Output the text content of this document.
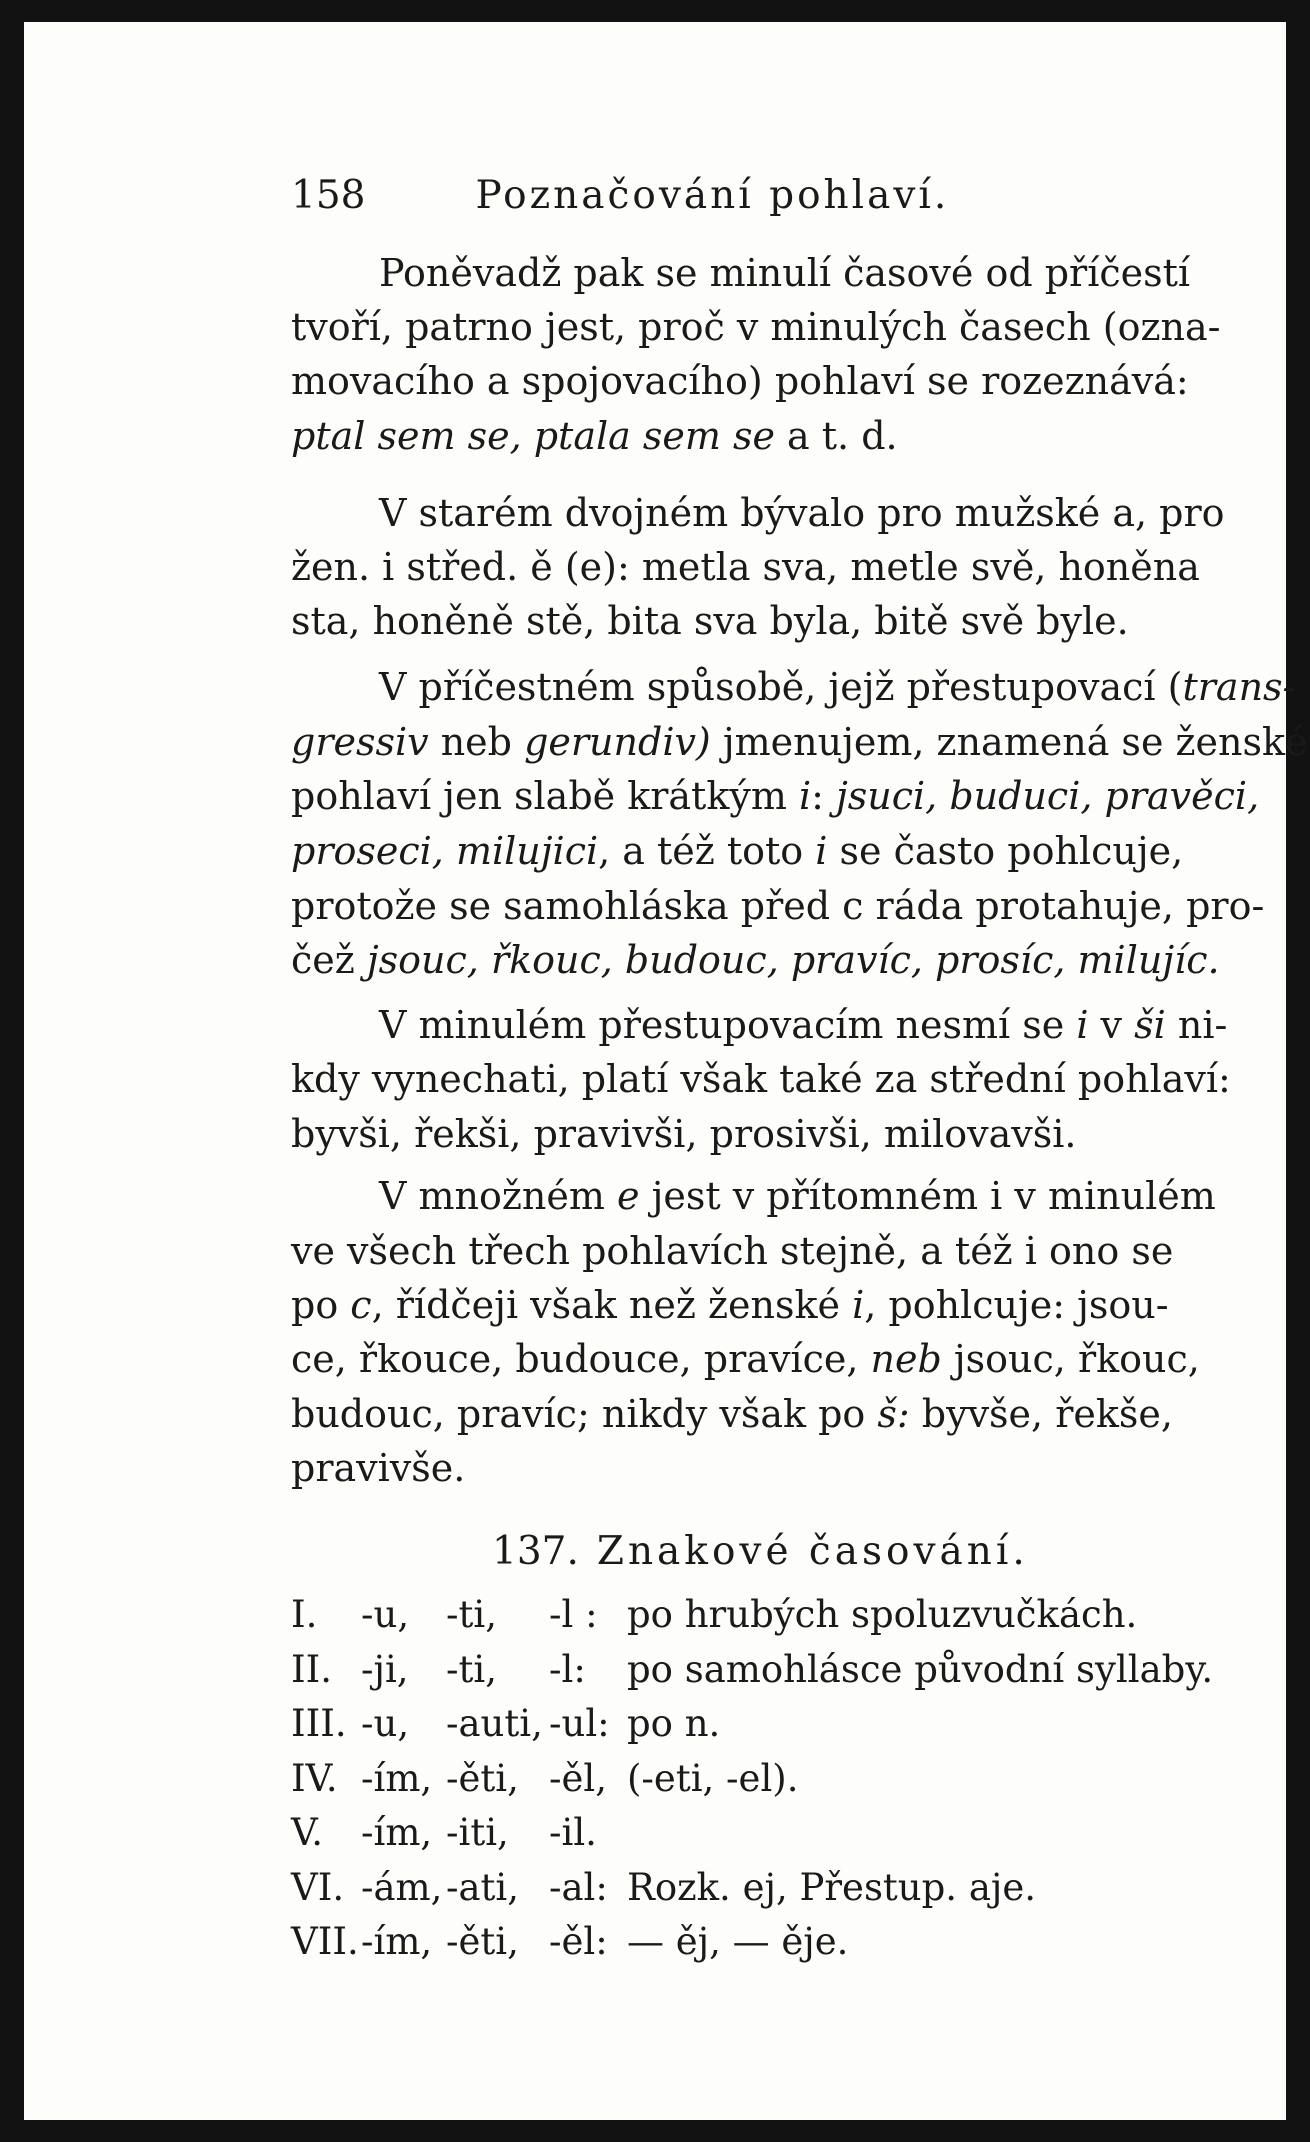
158	Poznačování pohlaví.
Poněvadž pak se minulí časové od příčestí
tvoří, patrno jest, proč v minulých časech (ozna-
movacího a spojovacího) pohlaví se rozeznává:
ptal sem se, ptala sem se a t. d.
V starém dvojném bývalo pro mužské a, pro
žen. i střed. ě (e): metla sva, metle svě, honěna
sta, honěně stě, bita sva byla, bitě svě byle.
V příčestném spůsobě, jejž přestupovací (trans-
gressiv neb gerundiv) jmenujem, znamená se ženské
pohlaví jen slabě krátkým i: jsuci, buduci, pravěci,
proseci, milujici, a též toto i se často pohlcuje,
protože se samohláska před c ráda protahuje, pro-
čež jsouc, řkouc, budouc, pravíc, prosíc, milujíc.
V minulém přestupovacím nesmí se i v ši ni-
kdy vynechati, platí však také za střední pohlaví:
byvši, řekši, pravivši, prosivši, milovavši.
V množném e jest v přítomném i v minulém
ve všech třech pohlavích stejně, a též i ono se
po c, řídčeji však než ženské i, pohlcuje: jsou-
ce, řkouce, budouce, pravíce, neb jsouc, řkouc,
budouc, pravíc; nikdy však po š: byvše, řekše,
pravivše.
137. Znakové časování.
I. -u, -ti, -l : po hrubých spoluzvučkách.
II. -ji, -ti, -l: po samohlásce původní syllaby.
III. -u, -auti, -ul: po n.
IV. -ím, -ěti, -ěl, (-eti, -el).
V. -ím, -iti, -il.
VI. -ám, -ati, -al: Rozk. ej, Přestup. aje.
VII. -ím, -ěti, -ěl: — ěj, — ěje.
